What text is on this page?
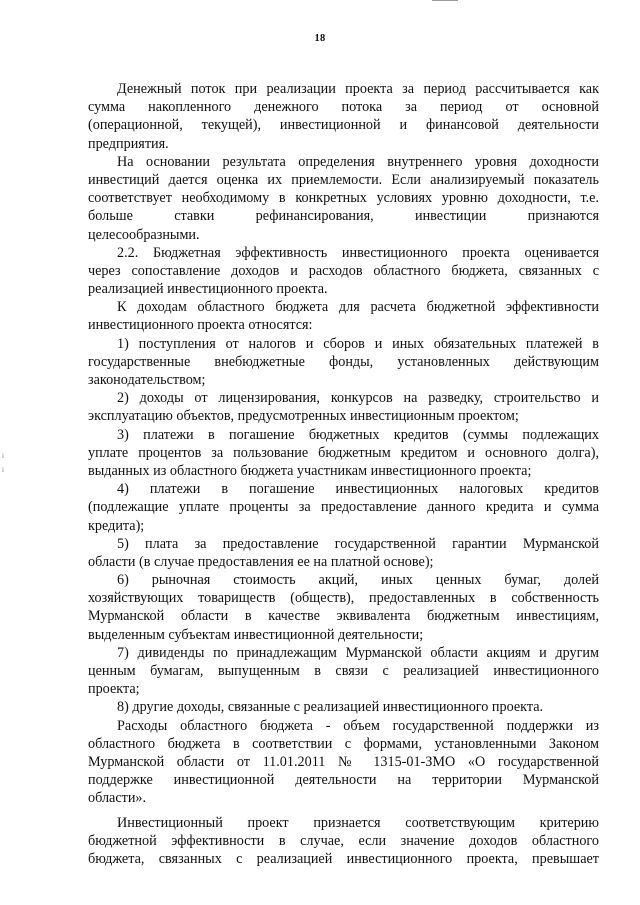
18
i
i
Денежный поток при реализации проекта за период рассчитывается как
сумма накопленного денежного потока за период от основной
(операционной, текущей), инвестиционной и финансовой деятельности
предприятия.
На основании результата определения внутреннего уровня доходности
инвестиций дается оценка их приемлемости. Если анализируемый показатель
соответствует необходимому в конкретных условиях уровню доходности, т.е.
больше ставки рефинансирования, инвестиции признаются
целесообразными.
2.2. Бюджетная эффективность инвестиционного проекта оценивается
через сопоставление доходов и расходов областного бюджета, связанных с
реализацией инвестиционного проекта.
К доходам областного бюджета для расчета бюджетной эффективности
инвестиционного проекта относятся:
1) поступления от налогов и сборов и иных обязательных платежей в
государственные внебюджетные фонды, установленных действующим
законодательством;
2) доходы от лицензирования, конкурсов на разведку, строительство и
эксплуатацию объектов, предусмотренных инвестиционным проектом;
3) платежи в погашение бюджетных кредитов (суммы подлежащих
уплате процентов за пользование бюджетным кредитом и основного долга),
выданных из областного бюджета участникам инвестиционного проекта;
4) платежи в погашение инвестиционных налоговых кредитов
(подлежащие уплате проценты за предоставление данного кредита и сумма
кредита);
5) плата за предоставление государственной гарантии Мурманской
области (в случае предоставления ее на платной основе);
6) рыночная стоимость акций, иных ценных бумаг, долей
хозяйствующих товариществ (обществ), предоставленных в собственность
Мурманской области в качестве эквивалента бюджетным инвестициям,
выделенным субъектам инвестиционной деятельности;
7) дивиденды по принадлежащим Мурманской области акциям и другим
ценным бумагам, выпущенным в связи с реализацией инвестиционного
проекта;
8) другие доходы, связанные с реализацией инвестиционного проекта.
Расходы областного бюджета - объем государственной поддержки из
областного бюджета в соответствии с формами, установленными Законом
Мурманской области от 11.01.2011 № 1315-01-ЗМО «О государственной
поддержке инвестиционной деятельности на территории Мурманской
области».
Инвестиционный проект признается соответствующим критерию
бюджетной эффективности в случае, если значение доходов областного
бюджета, связанных с реализацией инвестиционного проекта, превышает
